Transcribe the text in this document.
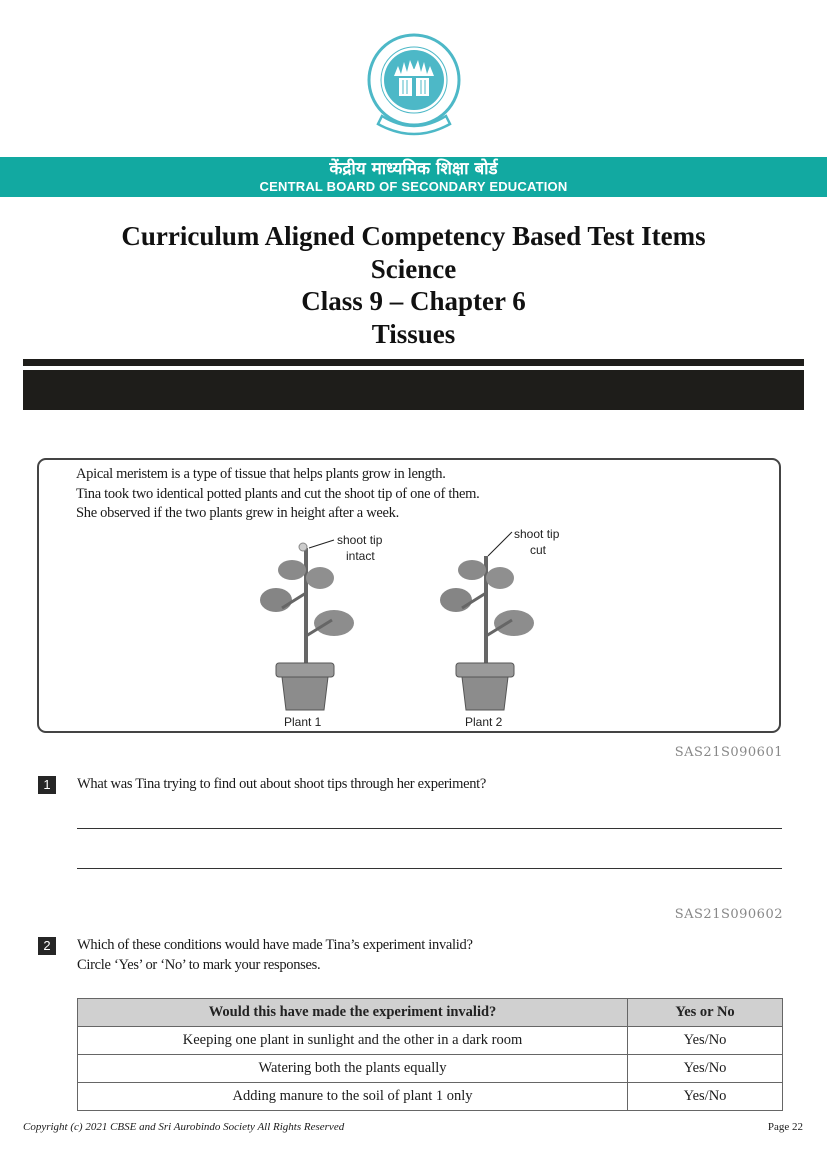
केंद्रीय माध्यमिक शिक्षा बोर्ड
CENTRAL BOARD OF SECONDARY EDUCATION
Curriculum Aligned Competency Based Test Items
Science
Class 9 – Chapter 6
Tissues
Apical meristem is a type of tissue that helps plants grow in length.
Tina took two identical potted plants and cut the shoot tip of one of them.
She observed if the two plants grew in height after a week.
shoot tip
intact
Plant 1
shoot tip
cut
Plant 2
SAS21S090601
1	What was Tina trying to find out about shoot tips through her experiment?
SAS21S090602
2	Which of these conditions would have made Tina’s experiment invalid?
Circle ‘Yes’ or ‘No’ to mark your responses.
Would this have made the experiment invalid?	Yes or No
Keeping one plant in sunlight and the other in a dark room	Yes/No
Watering both the plants equally	Yes/No
Adding manure to the soil of plant 1 only	Yes/No
Copyright (c) 2021 CBSE and Sri Aurobindo Society All Rights Reserved	Page 22
